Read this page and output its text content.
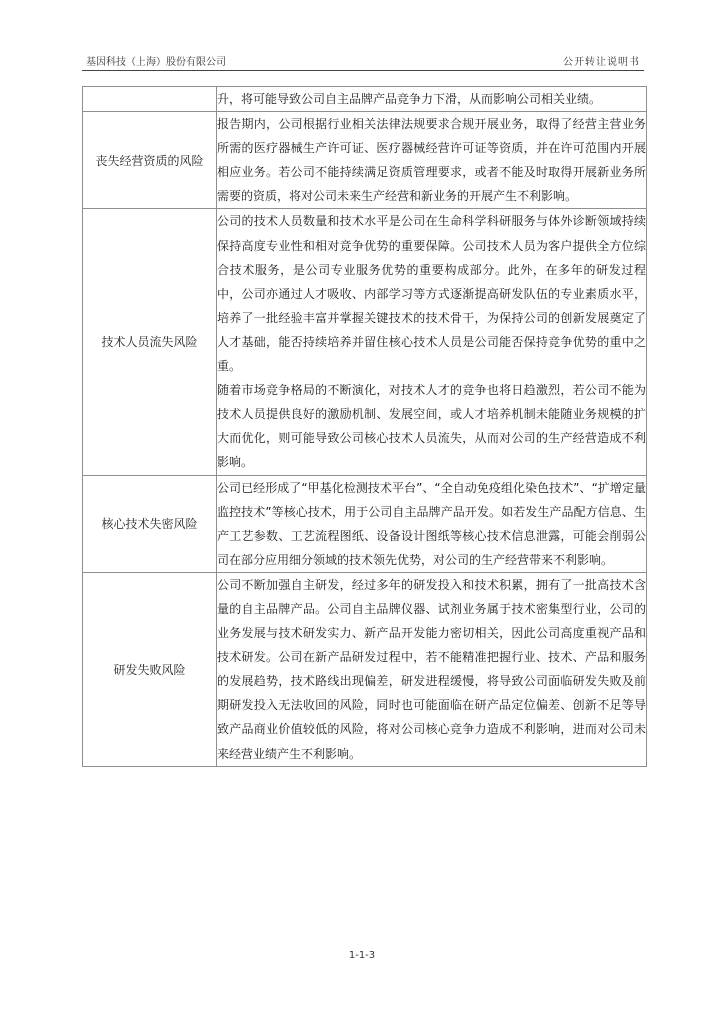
基因科技（上海）股份有限公司	公开转让说明书

	升，将可能导致公司自主品牌产品竞争力下滑，从而影响公司相关业绩。

丧失经营资质的风险	报告期内，公司根据行业相关法律法规要求合规开展业务，取得了经营主营业务所需的医疗器械生产许可证、医疗器械经营许可证等资质，并在许可范围内开展相应业务。若公司不能持续满足资质管理要求，或者不能及时取得开展新业务所需要的资质，将对公司未来生产经营和新业务的开展产生不利影响。

技术人员流失风险	公司的技术人员数量和技术水平是公司在生命科学科研服务与体外诊断领域持续保持高度专业性和相对竞争优势的重要保障。公司技术人员为客户提供全方位综合技术服务，是公司专业服务优势的重要构成部分。此外，在多年的研发过程中，公司亦通过人才吸收、内部学习等方式逐渐提高研发队伍的专业素质水平，培养了一批经验丰富并掌握关键技术的技术骨干，为保持公司的创新发展奠定了人才基础，能否持续培养并留住核心技术人员是公司能否保持竞争优势的重中之重。

随着市场竞争格局的不断演化，对技术人才的竞争也将日趋激烈，若公司不能为技术人员提供良好的激励机制、发展空间，或人才培养机制未能随业务规模的扩大而优化，则可能导致公司核心技术人员流失，从而对公司的生产经营造成不利影响。

核心技术失密风险	公司已经形成了“甲基化检测技术平台”、“全自动免疫组化染色技术”、“扩增定量监控技术”等核心技术，用于公司自主品牌产品开发。如若发生产品配方信息、生产工艺参数、工艺流程图纸、设备设计图纸等核心技术信息泄露，可能会削弱公司在部分应用细分领域的技术领先优势，对公司的生产经营带来不利影响。

研发失败风险	公司不断加强自主研发，经过多年的研发投入和技术积累，拥有了一批高技术含量的自主品牌产品。公司自主品牌仪器、试剂业务属于技术密集型行业，公司的业务发展与技术研发实力、新产品开发能力密切相关，因此公司高度重视产品和技术研发。公司在新产品研发过程中，若不能精准把握行业、技术、产品和服务的发展趋势，技术路线出现偏差，研发进程缓慢，将导致公司面临研发失败及前期研发投入无法收回的风险，同时也可能面临在研产品定位偏差、创新不足等导致产品商业价值较低的风险，将对公司核心竞争力造成不利影响，进而对公司未来经营业绩产生不利影响。

1-1-3
